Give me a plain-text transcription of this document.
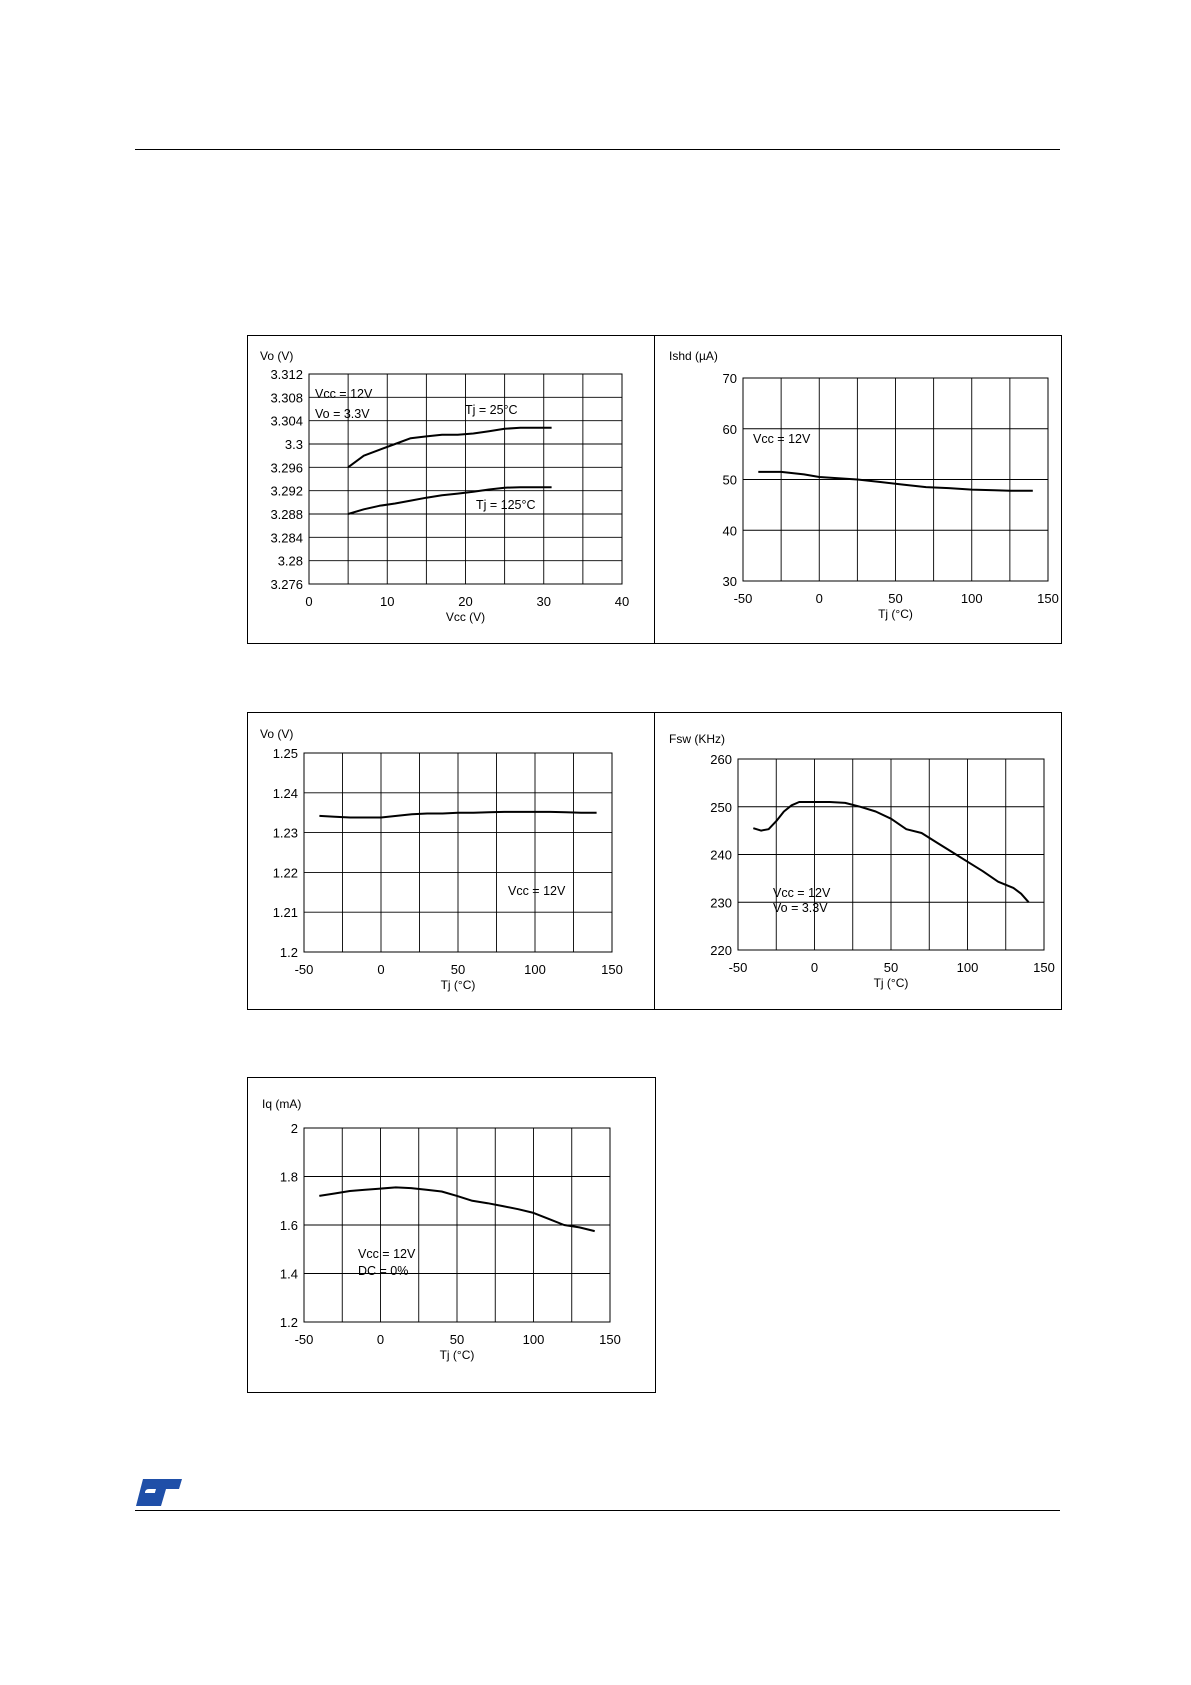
3.276
3.28
3.284
3.288
3.292
3.296
3.3
3.304
3.308
3.312
0	10	20	30	40
Vo (V)
Vcc (V)
Vcc = 12V
Vo = 3.3V	Tj = 25°C
Tj = 125°C
30
40
50
60
70
-50	0	50	100	150
Ishd (µA)
Tj (°C)
Vcc = 12V
1.2
1.21
1.22
1.23
1.24
1.25
-50	0	50	100	150
Vo (V)
Tj (°C)
Vcc = 12V
220
230
240
250
260
-50	0	50	100	150
Fsw (KHz)
Tj (°C)
Vcc = 12V
Vo = 3.3V
1.2
1.4
1.6
1.8
2
-50	0	50	100	150
Iq (mA)
Tj (°C)
Vcc = 12V
DC = 0%
